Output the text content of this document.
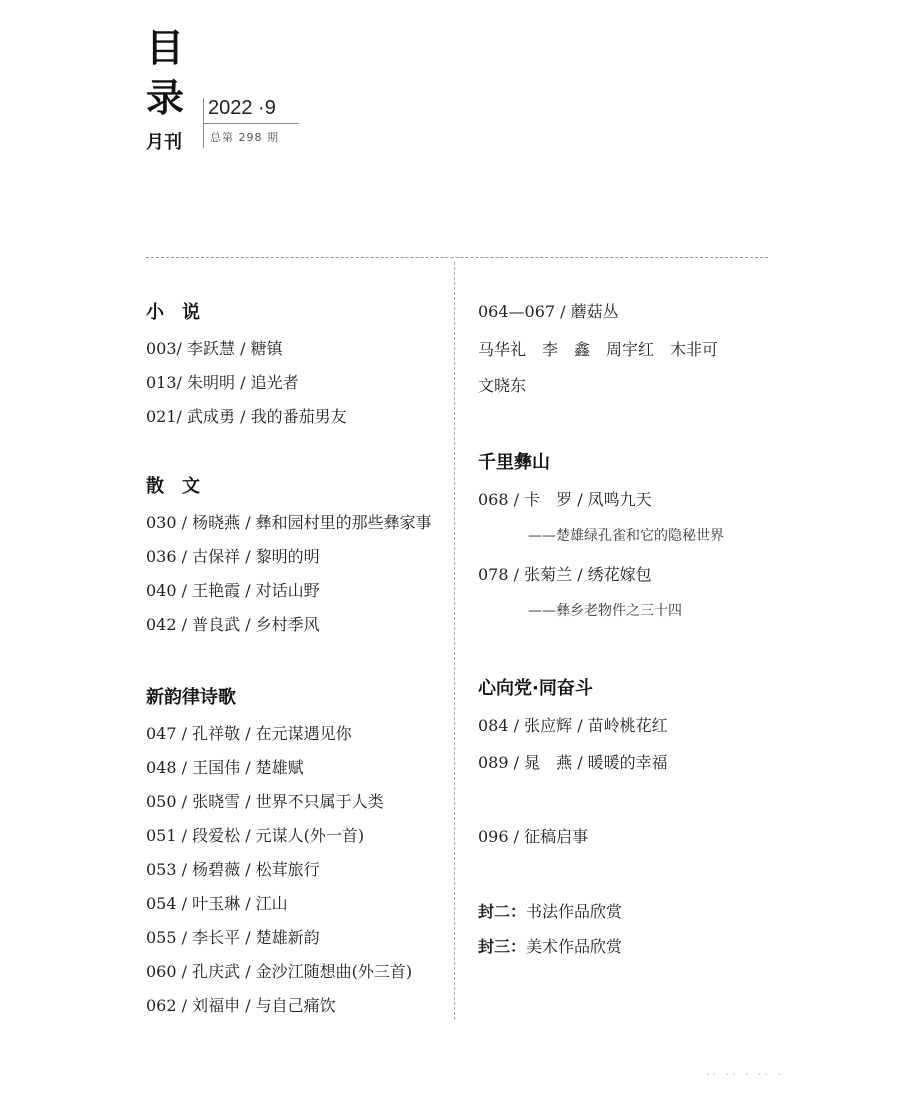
目
录
月刊
2022 ·9
总第 298 期
小　说
003/ 李跃慧 / 糖镇
013/ 朱明明 / 追光者
021/ 武成勇 / 我的番茄男友
散　文
030 / 杨晓燕 / 彝和园村里的那些彝家事
036 / 古保祥 / 黎明的明
040 / 王艳霞 / 对话山野
042 / 普良武 / 乡村季风
新韵律诗歌
047 / 孔祥敬 / 在元谋遇见你
048 / 王国伟 / 楚雄赋
050 / 张晓雪 / 世界不只属于人类
051 / 段爱松 / 元谋人(外一首)
053 / 杨碧薇 / 松茸旅行
054 / 叶玉琳 / 江山
055 / 李长平 / 楚雄新韵
060 / 孔庆武 / 金沙江随想曲(外三首)
062 / 刘福申 / 与自己痛饮
064—067 / 蘑菇丛
马华礼　李　鑫　周宇红　木非可
文晓东
千里彝山
068 / 卡　罗 / 凤鸣九天
——楚雄绿孔雀和它的隐秘世界
078 / 张菊兰 / 绣花嫁包
——彝乡老物件之三十四
心向党·同奋斗
084 / 张应辉 / 苗岭桃花红
089 / 晁　燕 / 暖暖的幸福
096 / 征稿启事
封二：书法作品欣赏
封三：美术作品欣赏
·· ·· · ·· ·
